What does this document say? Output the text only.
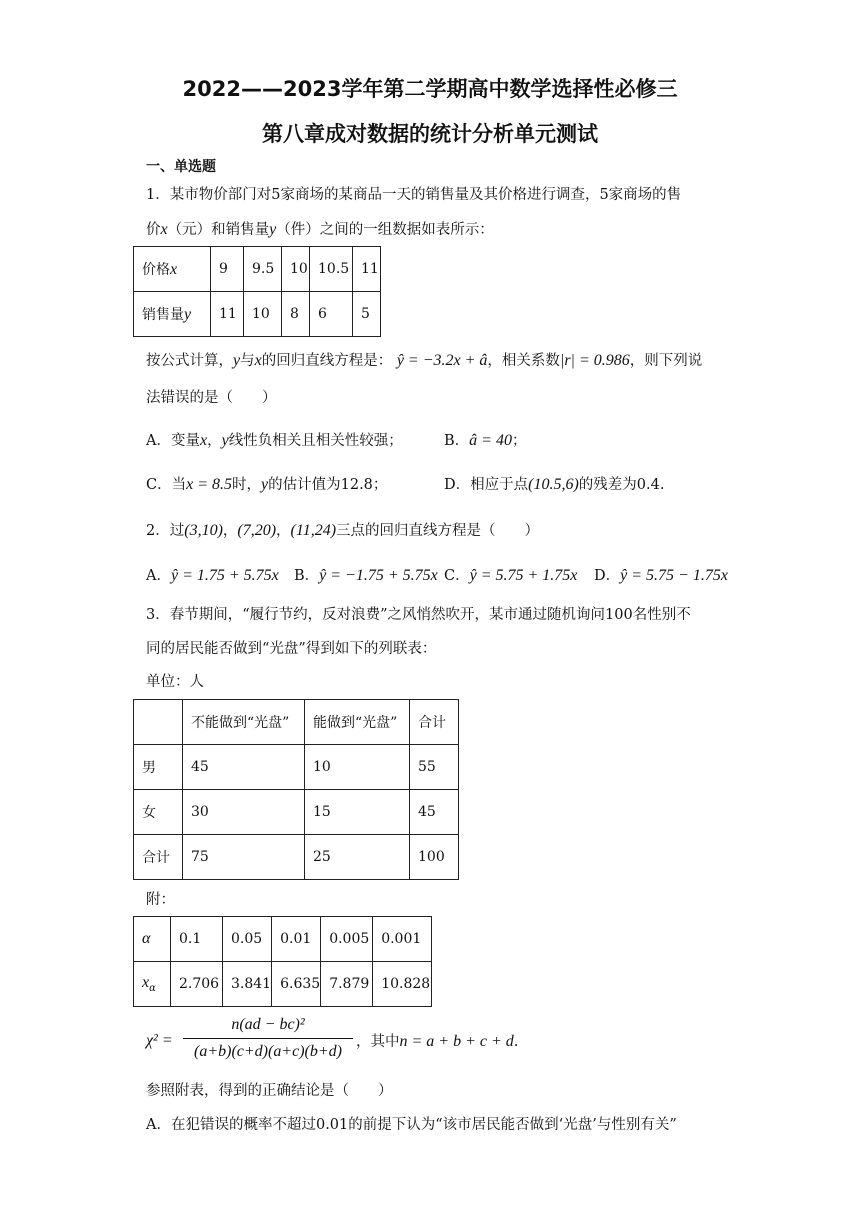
2022——2023学年第二学期高中数学选择性必修三
第八章成对数据的统计分析单元测试
一、单选题
1．某市物价部门对5家商场的某商品一天的销售量及其价格进行调查，5家商场的售
价x（元）和销售量y（件）之间的一组数据如表所示：
价格x	9	9.5	10	10.5	11
销售量y	11	10	8	6	5
按公式计算，y与x的回归直线方程是： ŷ = −3.2x + â，相关系数|r| = 0.986，则下列说
法错误的是（　　）
A．变量x，y线性负相关且相关性较强；	B．â = 40；
C．当x = 8.5时，y的估计值为12.8；	D．相应于点(10.5,6)的残差为0.4.
2．过(3,10)，(7,20)，(11,24)三点的回归直线方程是（　　）
A．ŷ = 1.75 + 5.75x B．ŷ = −1.75 + 5.75x C．ŷ = 5.75 + 1.75x D．ŷ = 5.75 − 1.75x
3．春节期间，“履行节约，反对浪费”之风悄然吹开，某市通过随机询问100名性别不
同的居民能否做到“光盘”得到如下的列联表：
单位：人
	不能做到“光盘”	能做到“光盘”	合计
男	45	10	55
女	30	15	45
合计	75	25	100
附：
α	0.1	0.05	0.01	0.005	0.001
$x_\alpha$	2.706	3.841	6.635	7.879	10.828
χ² =
n(ad − bc)²
(a+b)(c+d)(a+c)(b+d)
，其中n = a + b + c + d.
参照附表，得到的正确结论是（　　）
A．在犯错误的概率不超过0.01的前提下认为“该市居民能否做到‘光盘’与性别有关”
